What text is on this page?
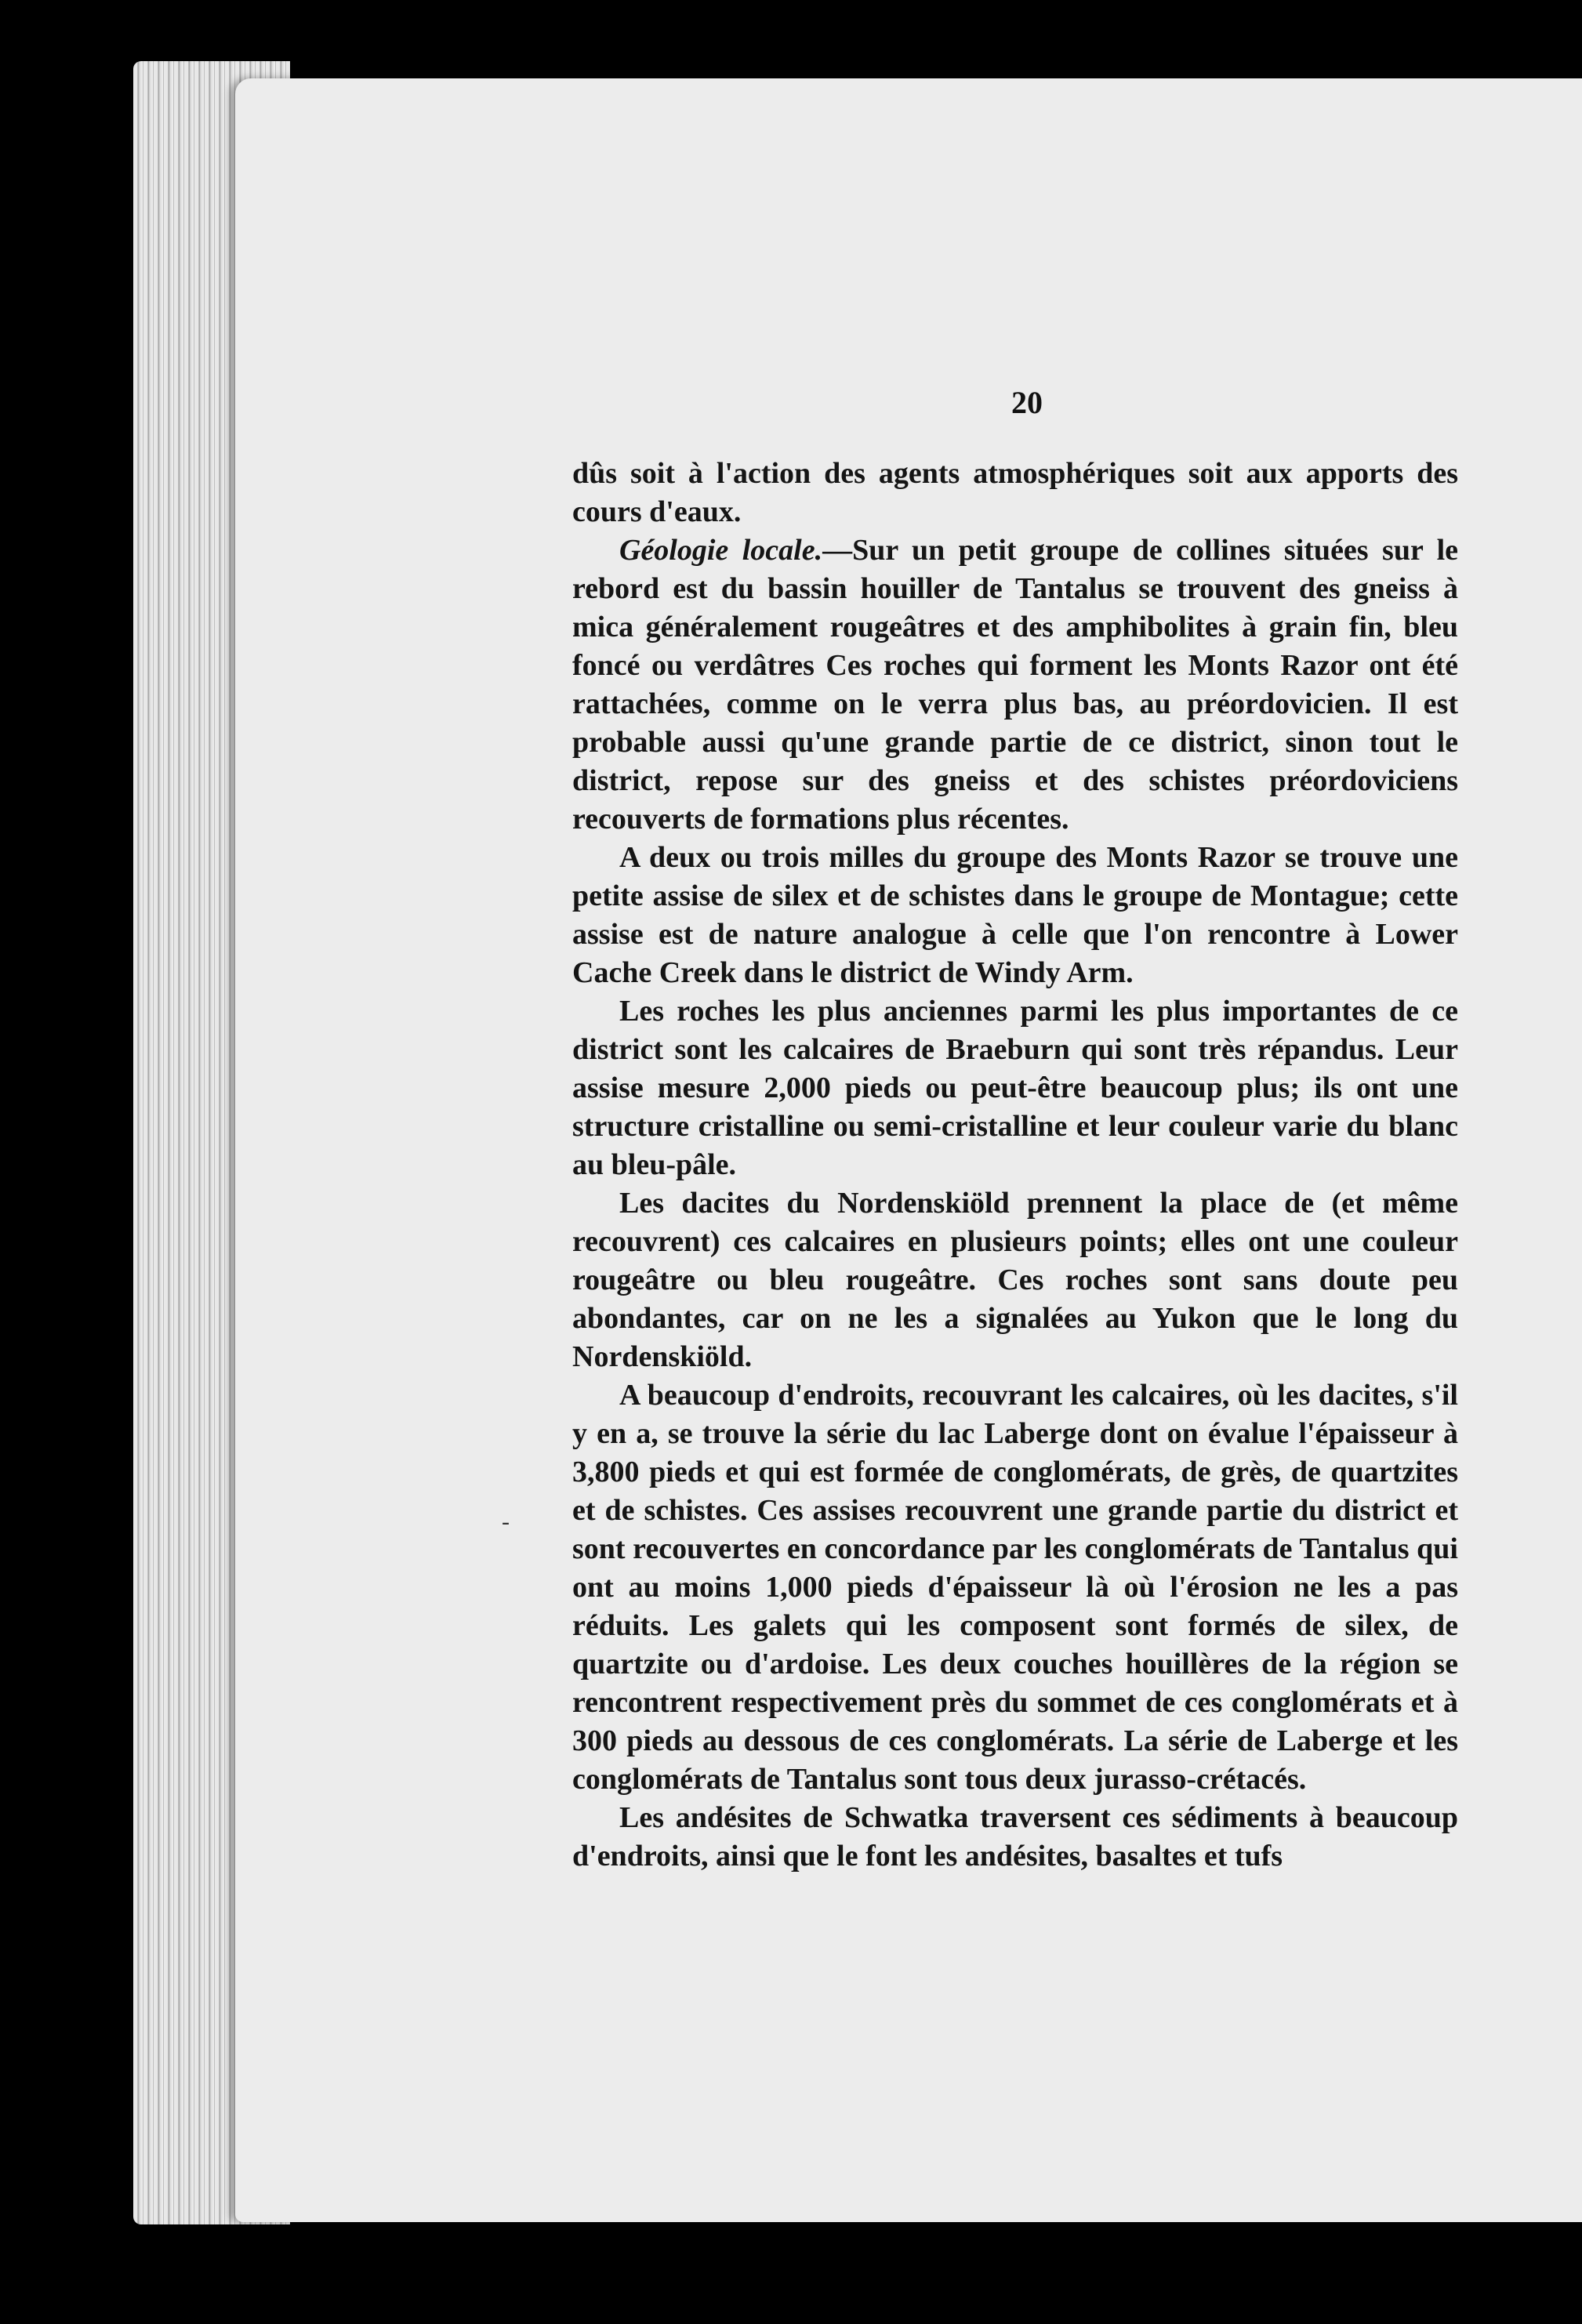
20
-

dûs soit à l'action des agents atmosphériques soit aux apports des cours d'eaux.

Géologie locale.—Sur un petit groupe de collines situées sur le rebord est du bassin houiller de Tantalus se trouvent des gneiss à mica généralement rougeâtres et des amphibolites à grain fin, bleu foncé ou verdâtres Ces roches qui forment les Monts Razor ont été rattachées, comme on le verra plus bas, au préordovicien. Il est probable aussi qu'une grande partie de ce district, sinon tout le district, repose sur des gneiss et des schistes préordoviciens recouverts de formations plus récentes.

A deux ou trois milles du groupe des Monts Razor se trouve une petite assise de silex et de schistes dans le groupe de Montague; cette assise est de nature analogue à celle que l'on rencontre à Lower Cache Creek dans le district de Windy Arm.

Les roches les plus anciennes parmi les plus importantes de ce district sont les calcaires de Braeburn qui sont très répandus. Leur assise mesure 2,000 pieds ou peut-être beaucoup plus; ils ont une structure cristalline ou semi-cristalline et leur couleur varie du blanc au bleu-pâle.

Les dacites du Nordenskiöld prennent la place de (et même recouvrent) ces calcaires en plusieurs points; elles ont une couleur rougeâtre ou bleu rougeâtre. Ces roches sont sans doute peu abondantes, car on ne les a signalées au Yukon que le long du Nordenskiöld.

A beaucoup d'endroits, recouvrant les calcaires, où les dacites, s'il y en a, se trouve la série du lac Laberge dont on évalue l'épaisseur à 3,800 pieds et qui est formée de conglomérats, de grès, de quartzites et de schistes. Ces assises recouvrent une grande partie du district et sont recouvertes en concordance par les conglomérats de Tantalus qui ont au moins 1,000 pieds d'épaisseur là où l'érosion ne les a pas réduits. Les galets qui les composent sont formés de silex, de quartzite ou d'ardoise. Les deux couches houillères de la région se rencontrent respectivement près du sommet de ces conglomérats et à 300 pieds au dessous de ces conglomérats. La série de Laberge et les conglomérats de Tantalus sont tous deux jurasso-crétacés.

Les andésites de Schwatka traversent ces sédiments à beaucoup d'endroits, ainsi que le font les andésites, basaltes et tufs
